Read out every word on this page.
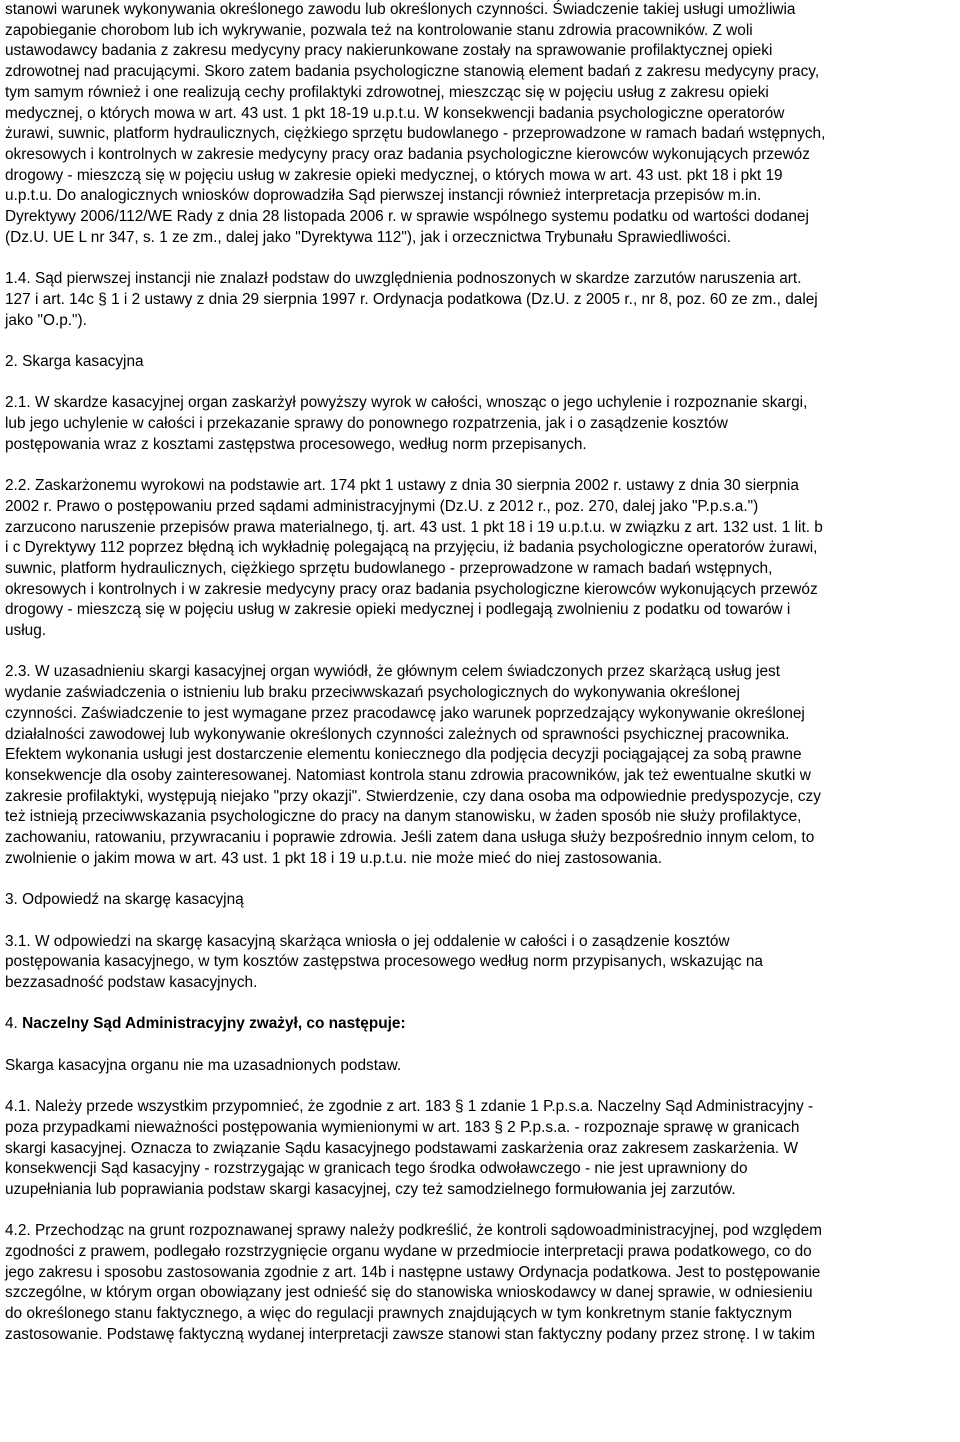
stanowi warunek wykonywania określonego zawodu lub określonych czynności. Świadczenie takiej usługi umożliwia
zapobieganie chorobom lub ich wykrywanie, pozwala też na kontrolowanie stanu zdrowia pracowników. Z woli
ustawodawcy badania z zakresu medycyny pracy nakierunkowane zostały na sprawowanie profilaktycznej opieki
zdrowotnej nad pracującymi. Skoro zatem badania psychologiczne stanowią element badań z zakresu medycyny pracy,
tym samym również i one realizują cechy profilaktyki zdrowotnej, mieszcząc się w pojęciu usług z zakresu opieki
medycznej, o których mowa w art. 43 ust. 1 pkt 18-19 u.p.t.u. W konsekwencji badania psychologiczne operatorów
żurawi, suwnic, platform hydraulicznych, ciężkiego sprzętu budowlanego - przeprowadzone w ramach badań wstępnych,
okresowych i kontrolnych w zakresie medycyny pracy oraz badania psychologiczne kierowców wykonujących przewóz
drogowy - mieszczą się w pojęciu usług w zakresie opieki medycznej, o których mowa w art. 43 ust. pkt 18 i pkt 19
u.p.t.u. Do analogicznych wniosków doprowadziła Sąd pierwszej instancji również interpretacja przepisów m.in.
Dyrektywy 2006/112/WE Rady z dnia 28 listopada 2006 r. w sprawie wspólnego systemu podatku od wartości dodanej
(Dz.U. UE L nr 347, s. 1 ze zm., dalej jako "Dyrektywa 112"), jak i orzecznictwa Trybunału Sprawiedliwości.

1.4. Sąd pierwszej instancji nie znalazł podstaw do uwzględnienia podnoszonych w skardze zarzutów naruszenia art.
127 i art. 14c § 1 i 2 ustawy z dnia 29 sierpnia 1997 r. Ordynacja podatkowa (Dz.U. z 2005 r., nr 8, poz. 60 ze zm., dalej
jako "O.p.").

2. Skarga kasacyjna

2.1. W skardze kasacyjnej organ zaskarżył powyższy wyrok w całości, wnosząc o jego uchylenie i rozpoznanie skargi,
lub jego uchylenie w całości i przekazanie sprawy do ponownego rozpatrzenia, jak i o zasądzenie kosztów
postępowania wraz z kosztami zastępstwa procesowego, według norm przepisanych.

2.2. Zaskarżonemu wyrokowi na podstawie art. 174 pkt 1 ustawy z dnia 30 sierpnia 2002 r. ustawy z dnia 30 sierpnia
2002 r. Prawo o postępowaniu przed sądami administracyjnymi (Dz.U. z 2012 r., poz. 270, dalej jako "P.p.s.a.")
zarzucono naruszenie przepisów prawa materialnego, tj. art. 43 ust. 1 pkt 18 i 19 u.p.t.u. w związku z art. 132 ust. 1 lit. b
i c Dyrektywy 112 poprzez błędną ich wykładnię polegającą na przyjęciu, iż badania psychologiczne operatorów żurawi,
suwnic, platform hydraulicznych, ciężkiego sprzętu budowlanego - przeprowadzone w ramach badań wstępnych,
okresowych i kontrolnych i w zakresie medycyny pracy oraz badania psychologiczne kierowców wykonujących przewóz
drogowy - mieszczą się w pojęciu usług w zakresie opieki medycznej i podlegają zwolnieniu z podatku od towarów i
usług.

2.3. W uzasadnieniu skargi kasacyjnej organ wywiódł, że głównym celem świadczonych przez skarżącą usług jest
wydanie zaświadczenia o istnieniu lub braku przeciwwskazań psychologicznych do wykonywania określonej
czynności. Zaświadczenie to jest wymagane przez pracodawcę jako warunek poprzedzający wykonywanie określonej
działalności zawodowej lub wykonywanie określonych czynności zależnych od sprawności psychicznej pracownika.
Efektem wykonania usługi jest dostarczenie elementu koniecznego dla podjęcia decyzji pociągającej za sobą prawne
konsekwencje dla osoby zainteresowanej. Natomiast kontrola stanu zdrowia pracowników, jak też ewentualne skutki w
zakresie profilaktyki, występują niejako "przy okazji". Stwierdzenie, czy dana osoba ma odpowiednie predyspozycje, czy
też istnieją przeciwwskazania psychologiczne do pracy na danym stanowisku, w żaden sposób nie służy profilaktyce,
zachowaniu, ratowaniu, przywracaniu i poprawie zdrowia. Jeśli zatem dana usługa służy bezpośrednio innym celom, to
zwolnienie o jakim mowa w art. 43 ust. 1 pkt 18 i 19 u.p.t.u. nie może mieć do niej zastosowania.

3. Odpowiedź na skargę kasacyjną

3.1. W odpowiedzi na skargę kasacyjną skarżąca wniosła o jej oddalenie w całości i o zasądzenie kosztów
postępowania kasacyjnego, w tym kosztów zastępstwa procesowego według norm przypisanych, wskazując na
bezzasadność podstaw kasacyjnych.

4. Naczelny Sąd Administracyjny zważył, co następuje:

Skarga kasacyjna organu nie ma uzasadnionych podstaw.

4.1. Należy przede wszystkim przypomnieć, że zgodnie z art. 183 § 1 zdanie 1 P.p.s.a. Naczelny Sąd Administracyjny -
poza przypadkami nieważności postępowania wymienionymi w art. 183 § 2 P.p.s.a. - rozpoznaje sprawę w granicach
skargi kasacyjnej. Oznacza to związanie Sądu kasacyjnego podstawami zaskarżenia oraz zakresem zaskarżenia. W
konsekwencji Sąd kasacyjny - rozstrzygając w granicach tego środka odwoławczego - nie jest uprawniony do
uzupełniania lub poprawiania podstaw skargi kasacyjnej, czy też samodzielnego formułowania jej zarzutów.

4.2. Przechodząc na grunt rozpoznawanej sprawy należy podkreślić, że kontroli sądowoadministracyjnej, pod względem
zgodności z prawem, podlegało rozstrzygnięcie organu wydane w przedmiocie interpretacji prawa podatkowego, co do
jego zakresu i sposobu zastosowania zgodnie z art. 14b i następne ustawy Ordynacja podatkowa. Jest to postępowanie
szczególne, w którym organ obowiązany jest odnieść się do stanowiska wnioskodawcy w danej sprawie, w odniesieniu
do określonego stanu faktycznego, a więc do regulacji prawnych znajdujących w tym konkretnym stanie faktycznym
zastosowanie. Podstawę faktyczną wydanej interpretacji zawsze stanowi stan faktyczny podany przez stronę. I w takim
